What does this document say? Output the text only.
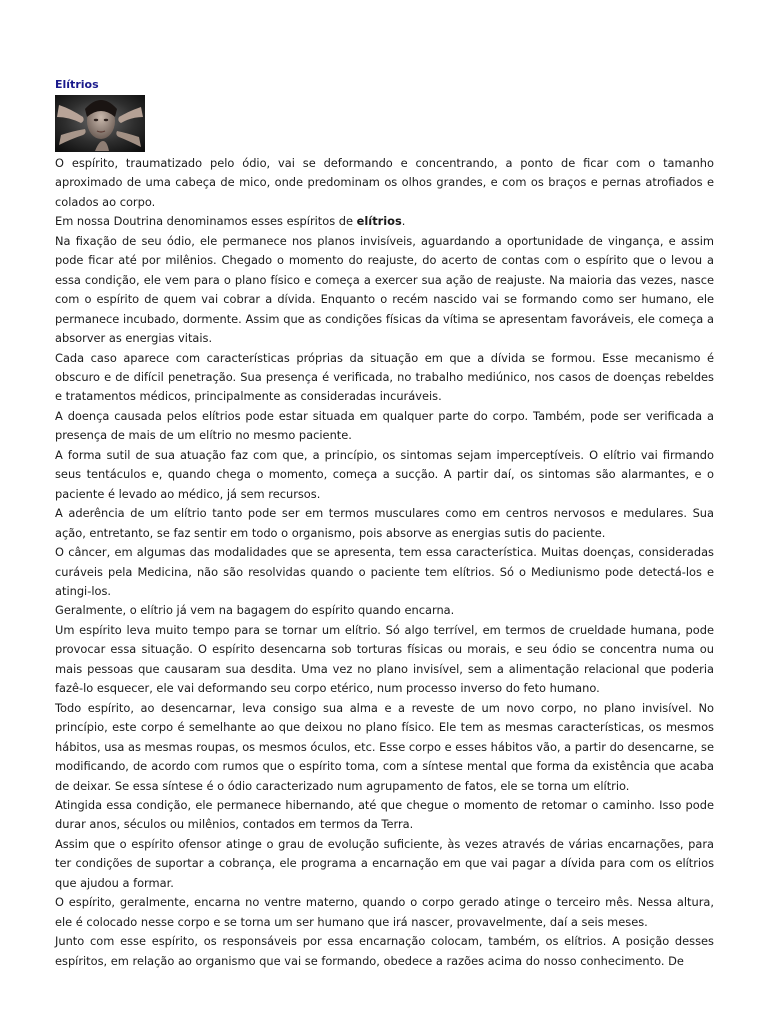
Elítrios

O espírito, traumatizado pelo ódio, vai se deformando e concentrando, a ponto de ficar com o tamanho aproximado de uma cabeça de mico, onde predominam os olhos grandes, e com os braços e pernas atrofiados e colados ao corpo.

Em nossa Doutrina denominamos esses espíritos de elítrios.

Na fixação de seu ódio, ele permanece nos planos invisíveis, aguardando a oportunidade de vingança, e assim pode ficar até por milênios. Chegado o momento do reajuste, do acerto de contas com o espírito que o levou a essa condição, ele vem para o plano físico e começa a exercer sua ação de reajuste. Na maioria das vezes, nasce com o espírito de quem vai cobrar a dívida. Enquanto o recém nascido vai se formando como ser humano, ele permanece incubado, dormente. Assim que as condições físicas da vítima se apresentam favoráveis, ele começa a absorver as energias vitais.

Cada caso aparece com características próprias da situação em que a dívida se formou. Esse mecanismo é obscuro e de difícil penetração. Sua presença é verificada, no trabalho mediúnico, nos casos de doenças rebeldes e tratamentos médicos, principalmente as consideradas incuráveis.

A doença causada pelos elítrios pode estar situada em qualquer parte do corpo. Também, pode ser verificada a presença de mais de um elítrio no mesmo paciente.

A forma sutil de sua atuação faz com que, a princípio, os sintomas sejam imperceptíveis. O elítrio vai firmando seus tentáculos e, quando chega o momento, começa a sucção. A partir daí, os sintomas são alarmantes, e o paciente é levado ao médico, já sem recursos.

A aderência de um elítrio tanto pode ser em termos musculares como em centros nervosos e medulares. Sua ação, entretanto, se faz sentir em todo o organismo, pois absorve as energias sutis do paciente.

O câncer, em algumas das modalidades que se apresenta, tem essa característica. Muitas doenças, consideradas curáveis pela Medicina, não são resolvidas quando o paciente tem elítrios. Só o Mediunismo pode detectá-los e atingi-los.

Geralmente, o elítrio já vem na bagagem do espírito quando encarna.

Um espírito leva muito tempo para se tornar um elítrio. Só algo terrível, em termos de crueldade humana, pode provocar essa situação. O espírito desencarna sob torturas físicas ou morais, e seu ódio se concentra numa ou mais pessoas que causaram sua desdita. Uma vez no plano invisível, sem a alimentação relacional que poderia fazê-lo esquecer, ele vai deformando seu corpo etérico, num processo inverso do feto humano.

Todo espírito, ao desencarnar, leva consigo sua alma e a reveste de um novo corpo, no plano invisível. No princípio, este corpo é semelhante ao que deixou no plano físico. Ele tem as mesmas características, os mesmos hábitos, usa as mesmas roupas, os mesmos óculos, etc. Esse corpo e esses hábitos vão, a partir do desencarne, se modificando, de acordo com rumos que o espírito toma, com a síntese mental que forma da existência que acaba de deixar. Se essa síntese é o ódio caracterizado num agrupamento de fatos, ele se torna um elítrio.

Atingida essa condição, ele permanece hibernando, até que chegue o momento de retomar o caminho. Isso pode durar anos, séculos ou milênios, contados em termos da Terra.

Assim que o espírito ofensor atinge o grau de evolução suficiente, às vezes através de várias encarnações, para ter condições de suportar a cobrança, ele programa a encarnação em que vai pagar a dívida para com os elítrios que ajudou a formar.

O espírito, geralmente, encarna no ventre materno, quando o corpo gerado atinge o terceiro mês. Nessa altura, ele é colocado nesse corpo e se torna um ser humano que irá nascer, provavelmente, daí a seis meses.

Junto com esse espírito, os responsáveis por essa encarnação colocam, também, os elítrios. A posição desses espíritos, em relação ao organismo que vai se formando, obedece a razões acima do nosso conhecimento. De
